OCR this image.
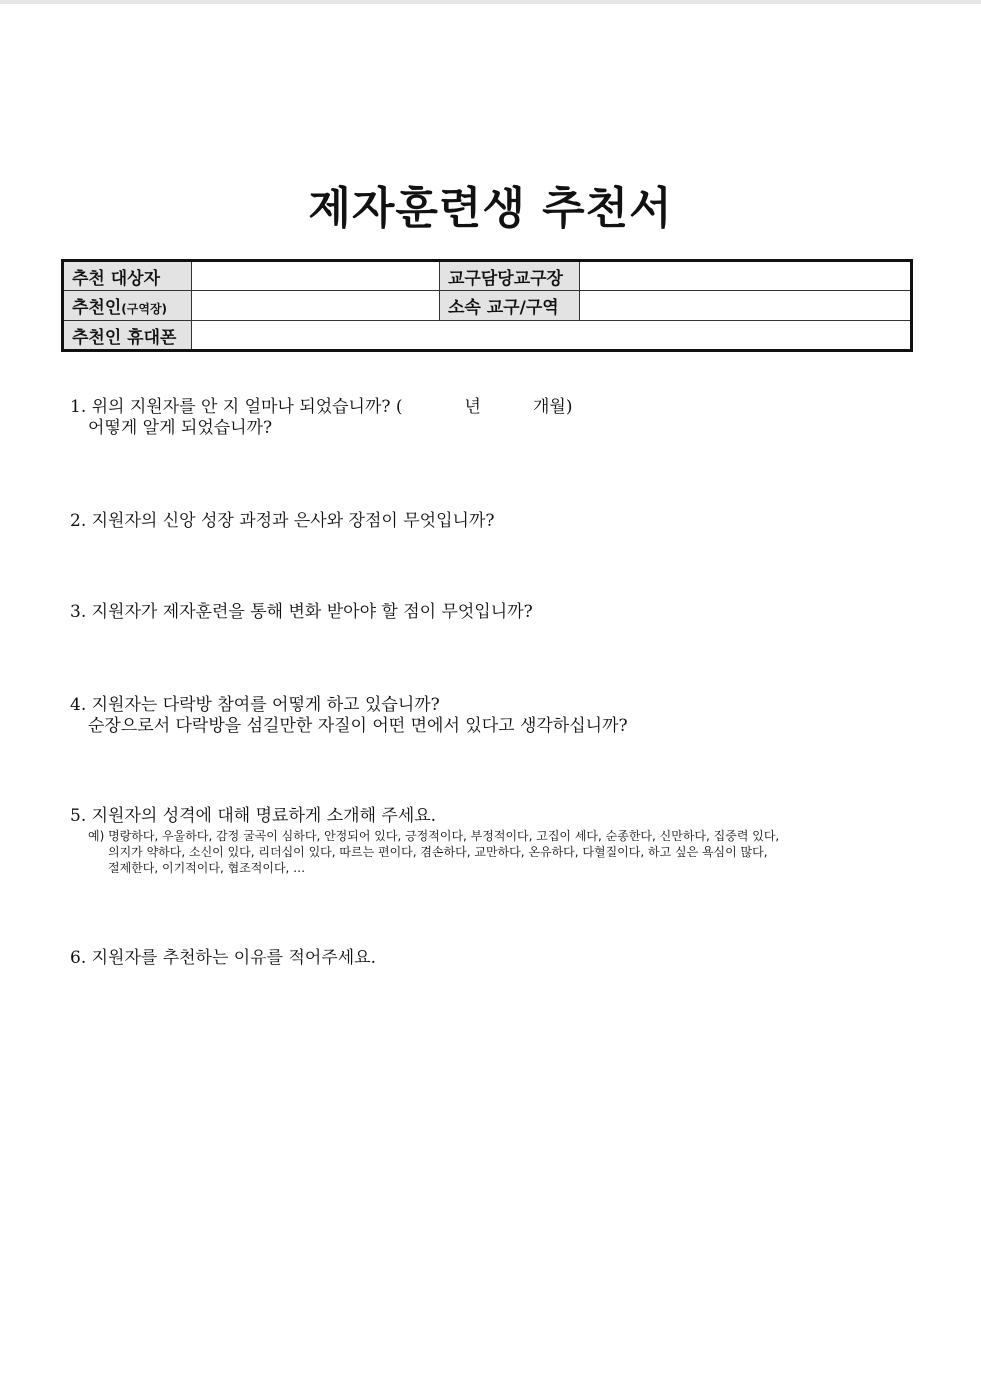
제자훈련생 추천서
추천 대상자		교구담당교구장	
추천인(구역장)		소속 교구/구역	
추천인 휴대폰			
1. 위의 지원자를 안 지 얼마나 되었습니까? (	년	개월)
어떻게 알게 되었습니까?
2. 지원자의 신앙 성장 과정과 은사와 장점이 무엇입니까?
3. 지원자가 제자훈련을 통해 변화 받아야 할 점이 무엇입니까?
4. 지원자는 다락방 참여를 어떻게 하고 있습니까?
순장으로서 다락방을 섬길만한 자질이 어떤 면에서 있다고 생각하십니까?
5. 지원자의 성격에 대해 명료하게 소개해 주세요.
예) 명랑하다, 우울하다, 감정 굴곡이 심하다, 안정되어 있다, 긍정적이다, 부정적이다, 고집이 세다, 순종한다, 신만하다, 집중력 있다,
의지가 약하다, 소신이 있다, 리더십이 있다, 따르는 편이다, 겸손하다, 교만하다, 온유하다, 다혈질이다, 하고 싶은 욕심이 많다,
절제한다, 이기적이다, 협조적이다, …
6. 지원자를 추천하는 이유를 적어주세요.
